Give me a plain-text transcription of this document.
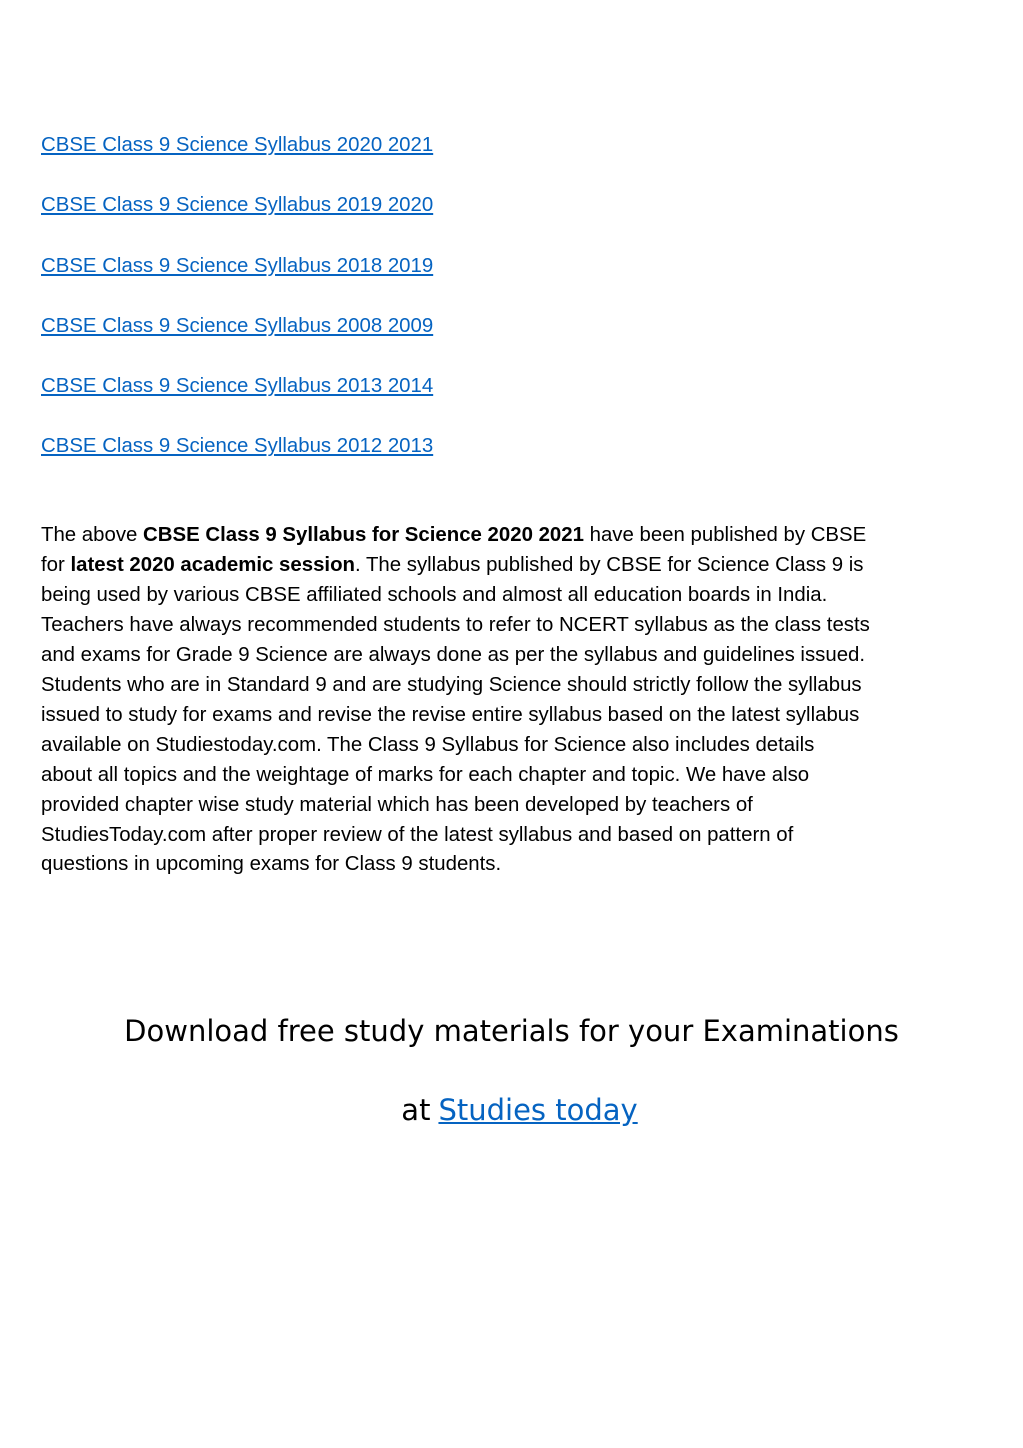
CBSE Class 9 Science Syllabus 2020 2021
CBSE Class 9 Science Syllabus 2019 2020
CBSE Class 9 Science Syllabus 2018 2019
CBSE Class 9 Science Syllabus 2008 2009
CBSE Class 9 Science Syllabus 2013 2014
CBSE Class 9 Science Syllabus 2012 2013
The above CBSE Class 9 Syllabus for Science 2020 2021 have been published by CBSE
for latest 2020 academic session. The syllabus published by CBSE for Science Class 9 is
being used by various CBSE affiliated schools and almost all education boards in India.
Teachers have always recommended students to refer to NCERT syllabus as the class tests
and exams for Grade 9 Science are always done as per the syllabus and guidelines issued.
Students who are in Standard 9 and are studying Science should strictly follow the syllabus
issued to study for exams and revise the revise entire syllabus based on the latest syllabus
available on Studiestoday.com. The Class 9 Syllabus for Science also includes details
about all topics and the weightage of marks for each chapter and topic. We have also
provided chapter wise study material which has been developed by teachers of
StudiesToday.com after proper review of the latest syllabus and based on pattern of
questions in upcoming exams for Class 9 students.
Download free study materials for your Examinations
at Studies today
